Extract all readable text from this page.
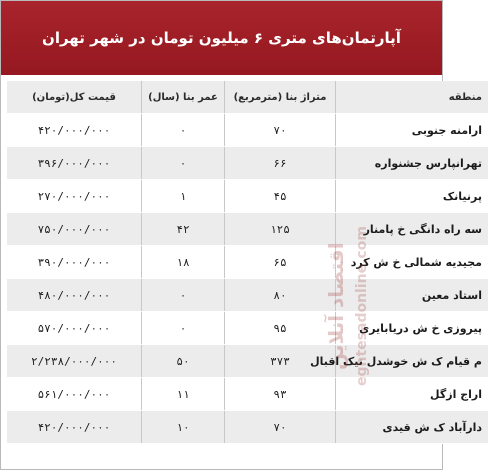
آپارتمان‌های متری ۶ میلیون تومان در شهر تهران
منطقه	متراژ بنا (مترمربع)	عمر بنا (سال)	قیمت کل(تومان)
ارامنه جنوبی	۷۰	۰	۴۲۰/۰۰۰/۰۰۰
تهرانپارس جشنواره	۶۶	۰	۳۹۶/۰۰۰/۰۰۰
پرنیانک	۴۵	۱	۲۷۰/۰۰۰/۰۰۰
سه راه دانگی خ پامنار	۱۲۵	۴۲	۷۵۰/۰۰۰/۰۰۰
مجیدیه شمالی خ ش کرد	۶۵	۱۸	۳۹۰/۰۰۰/۰۰۰
استاد معین	۸۰	۰	۴۸۰/۰۰۰/۰۰۰
پیروزی خ ش دریابایری	۹۵	۰	۵۷۰/۰۰۰/۰۰۰
م قیام ک ش خوشدل نیک اقبال	۳۷۳	۵۰	۲/۲۳۸/۰۰۰/۰۰۰
اراج ازگل	۹۳	۱۱	۵۶۱/۰۰۰/۰۰۰
دارآباد ک ش قیدی	۷۰	۱۰	۴۲۰/۰۰۰/۰۰۰
اقتصاد آنلاین eghtesadonline.com
